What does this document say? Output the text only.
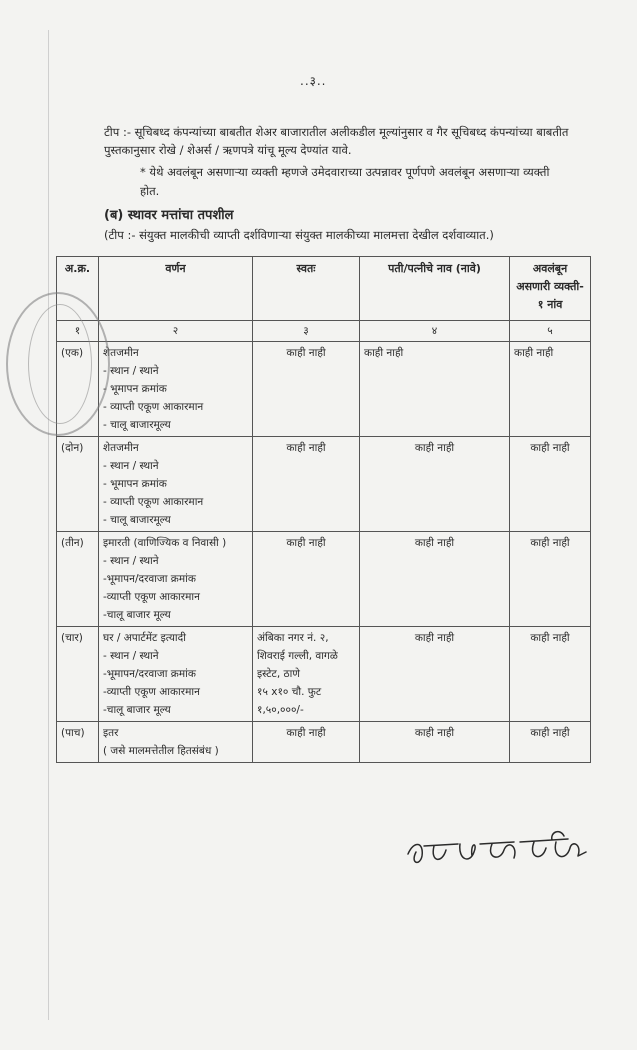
..३..
टीप :- सूचिबध्द कंपन्यांच्या बाबतीत शेअर बाजारातील अलीकडील मूल्यांनुसार व गैर सूचिबध्द कंपन्यांच्या बाबतीत पुस्तकानुसार रोखे / शेअर्स / ऋणपत्रे यांचू मूल्य देण्यांत यावे.
* येथे अवलंबून असणाऱ्या व्यक्ती म्हणजे उमेदवाराच्या उत्पन्नावर पूर्णपणे अवलंबून असणाऱ्या व्यक्ती होत.
(ब) स्थावर मत्तांचा तपशील
(टीप :- संयुक्त मालकीची व्याप्ती दर्शविणाऱ्या संयुक्त मालकीच्या मालमत्ता देखील दर्शवाव्यात.)
अ.क्र.	वर्णन	स्वतः	पती/पत्नीचे नाव (नावे)	अवलंबून असणारी व्यक्ती- १ नांव
१	२	३	४	५
(एक)	शेतजमीन
- स्थान / स्थाने
- भूमापन क्रमांक
- व्याप्ती एकूण आकारमान
- चालू बाजारमूल्य	काही नाही	काही नाही	काही नाही
(दोन)	शेतजमीन
- स्थान / स्थाने
- भूमापन क्रमांक
- व्याप्ती एकूण आकारमान
- चालू बाजारमूल्य	काही नाही	काही नाही	काही नाही
(तीन)	इमारती (वाणिज्यिक व निवासी )
- स्थान / स्थाने
-भूमापन/दरवाजा क्रमांक
-व्याप्ती एकूण आकारमान
-चालू बाजार मूल्य	काही नाही	काही नाही	काही नाही
(चार)	घर / अपार्टमेंट इत्यादी
- स्थान / स्थाने
-भूमापन/दरवाजा क्रमांक
-व्याप्ती एकूण आकारमान
-चालू बाजार मूल्य	अंबिका नगर नं. २,
शिवराई गल्ली, वागळे
इस्टेट, ठाणे
१५ x१० चौ. फुट
१,५०,०००/-	काही नाही	काही नाही
(पाच)	इतर
( जसे मालमत्तेतील हितसंबंध )	काही नाही	काही नाही	काही नाही
